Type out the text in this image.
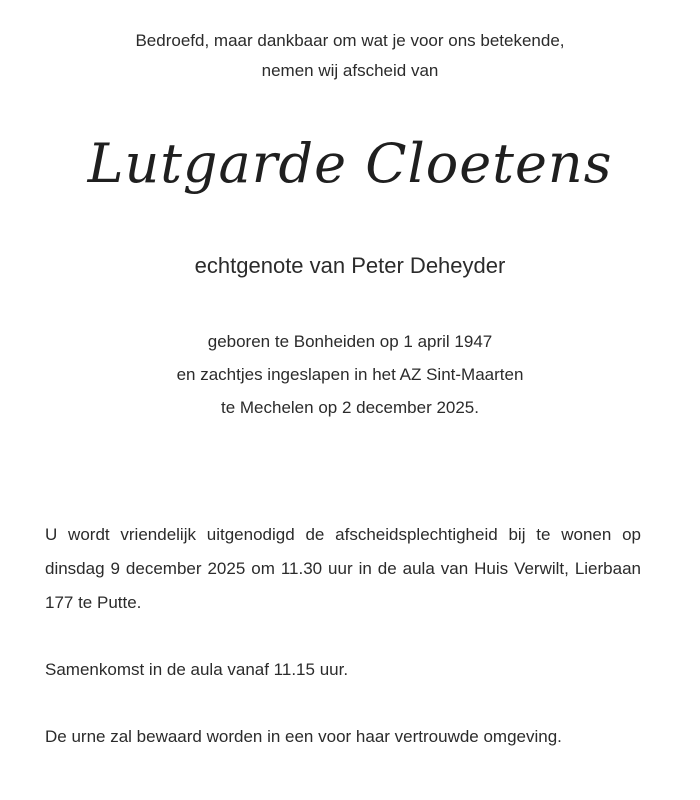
Bedroefd, maar dankbaar om wat je voor ons betekende,
nemen wij afscheid van
Lutgarde Cloetens
echtgenote van Peter Deheyder
geboren te Bonheiden op 1 april 1947
en zachtjes ingeslapen in het AZ Sint-Maarten
te Mechelen op 2 december 2025.
U wordt vriendelijk uitgenodigd de afscheidsplechtigheid bij te wonen op dinsdag 9 december 2025 om 11.30 uur in de aula van Huis Verwilt, Lierbaan 177 te Putte.
Samenkomst in de aula vanaf 11.15 uur.
De urne zal bewaard worden in een voor haar vertrouwde omgeving.
